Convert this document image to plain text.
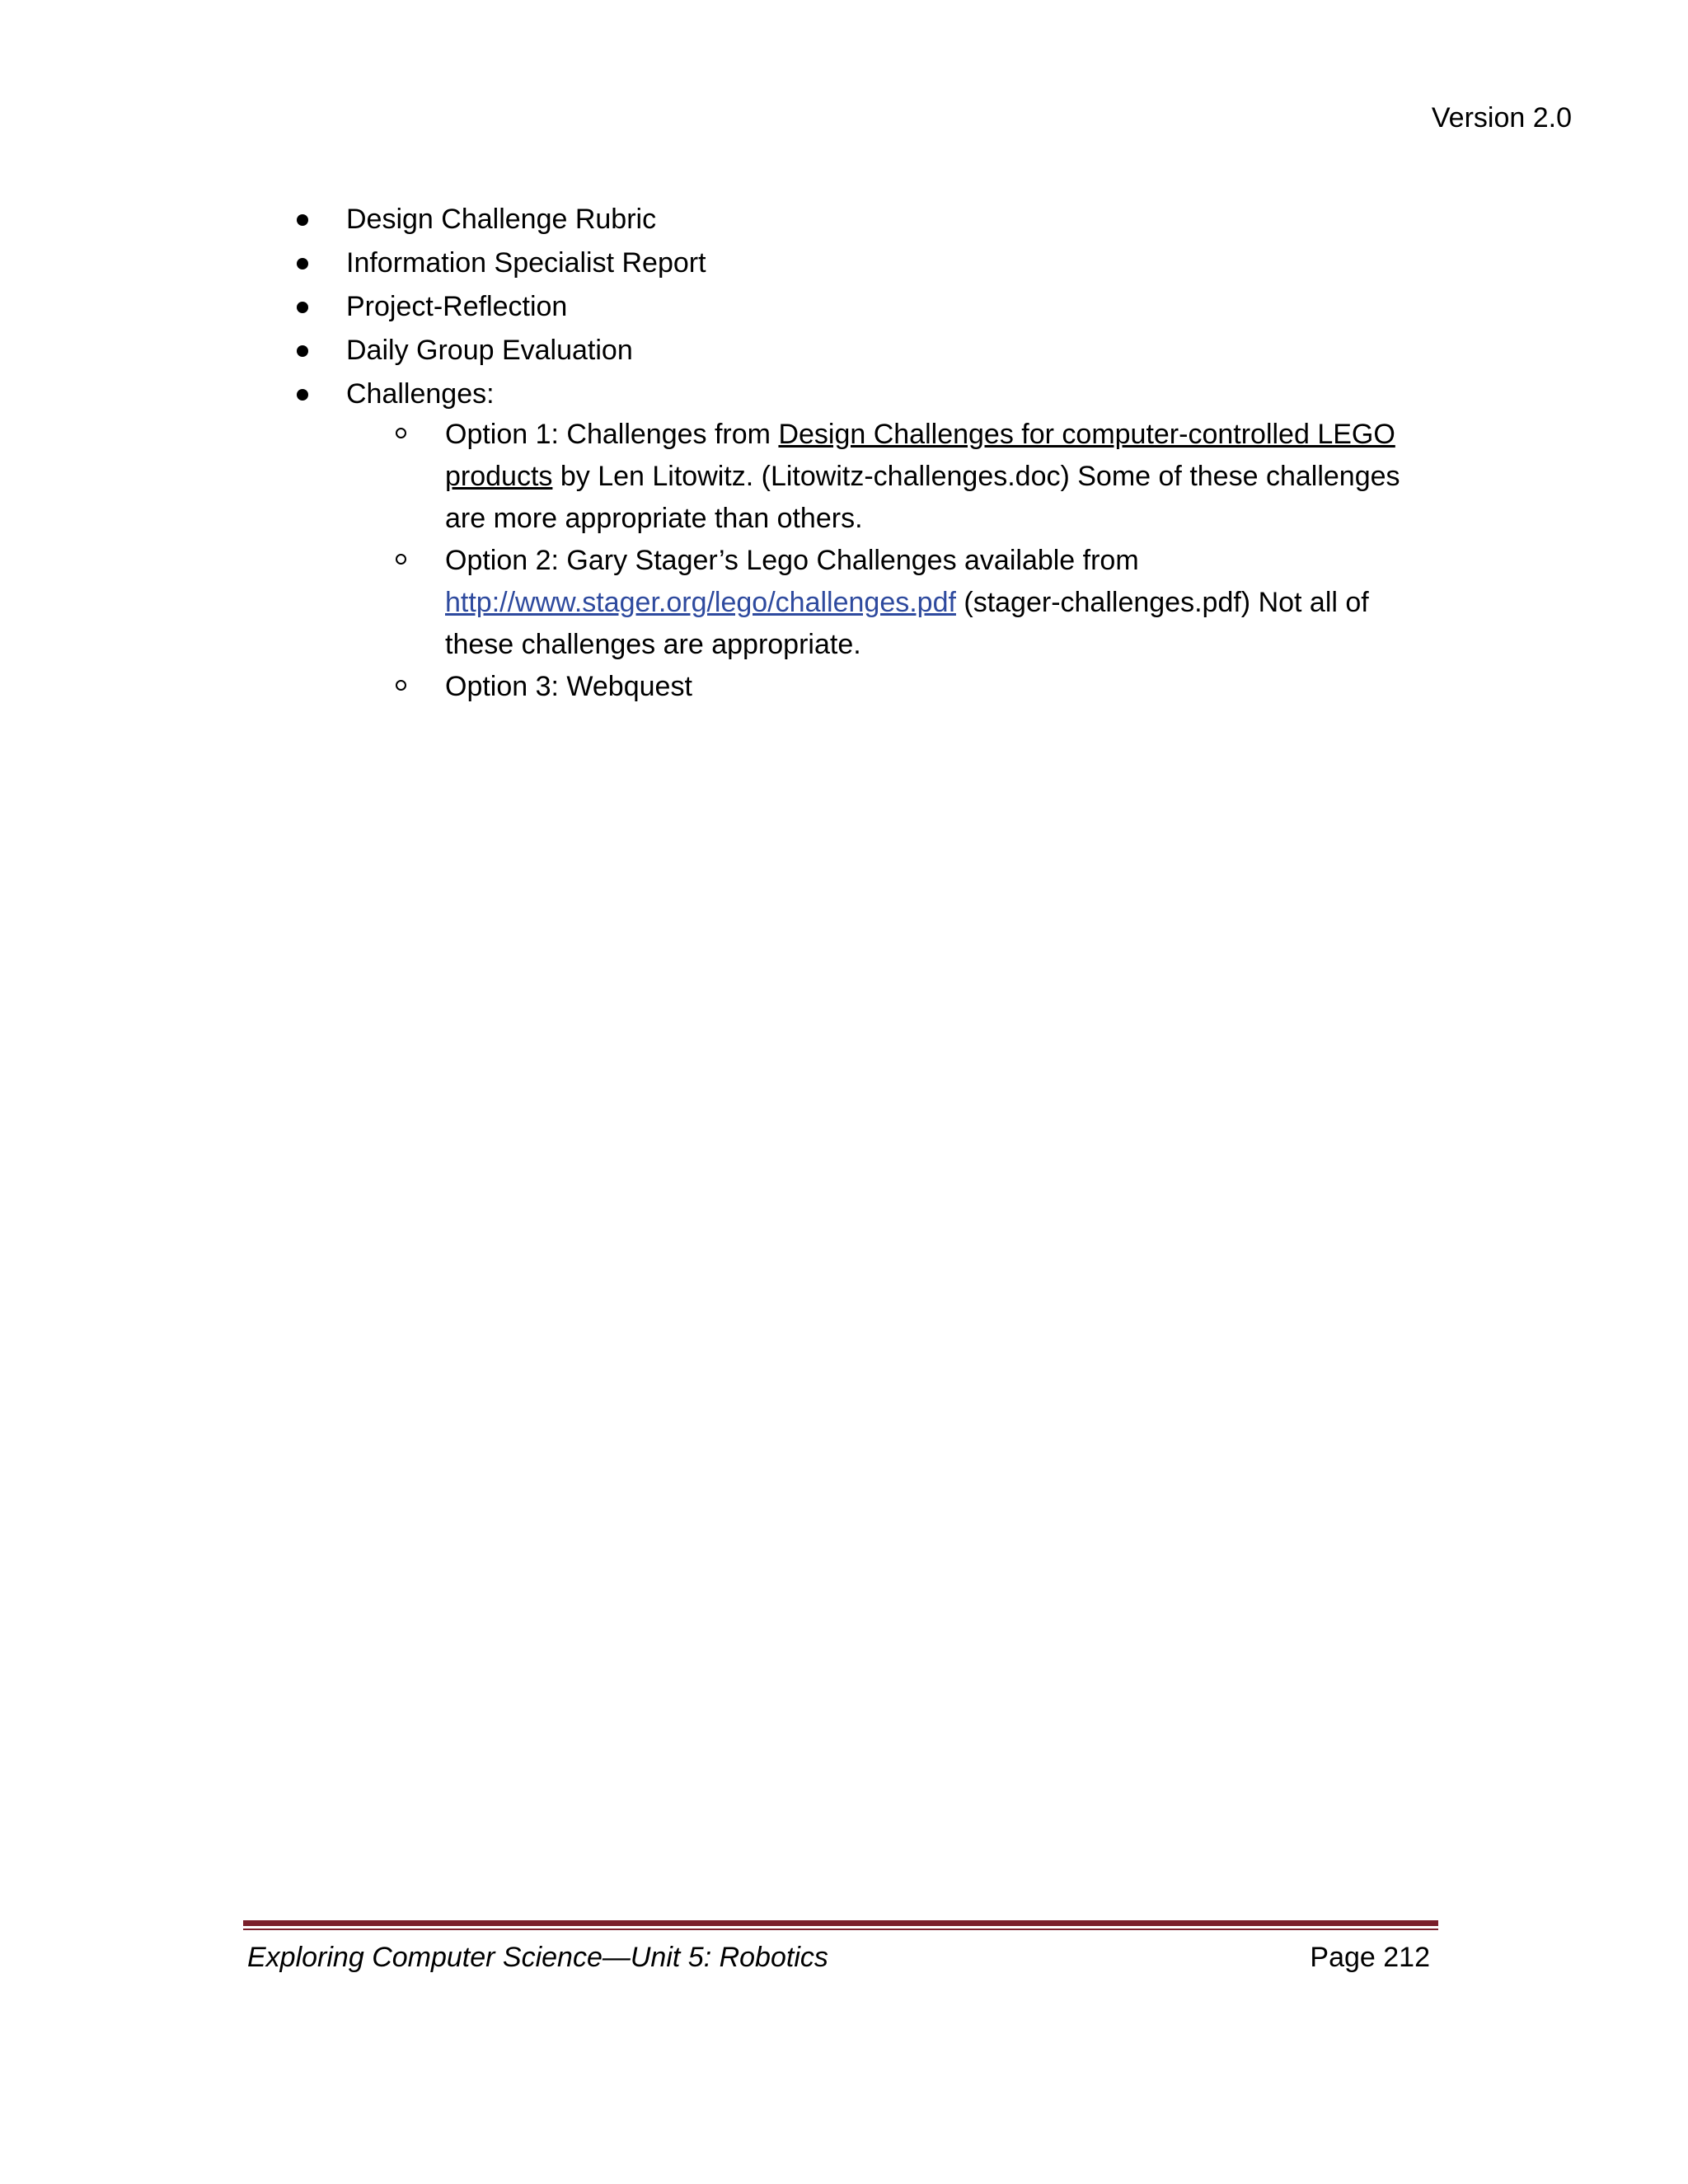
Version 2.0
Design Challenge Rubric
Information Specialist Report
Project-Reflection
Daily Group Evaluation
Challenges:
Option 1: Challenges from Design Challenges for computer-controlled LEGO products by Len Litowitz. (Litowitz-challenges.doc) Some of these challenges are more appropriate than others.
Option 2: Gary Stager’s Lego Challenges available from http://www.stager.org/lego/challenges.pdf (stager-challenges.pdf) Not all of these challenges are appropriate.
Option 3: Webquest
Exploring Computer Science—Unit 5: Robotics	Page 212
